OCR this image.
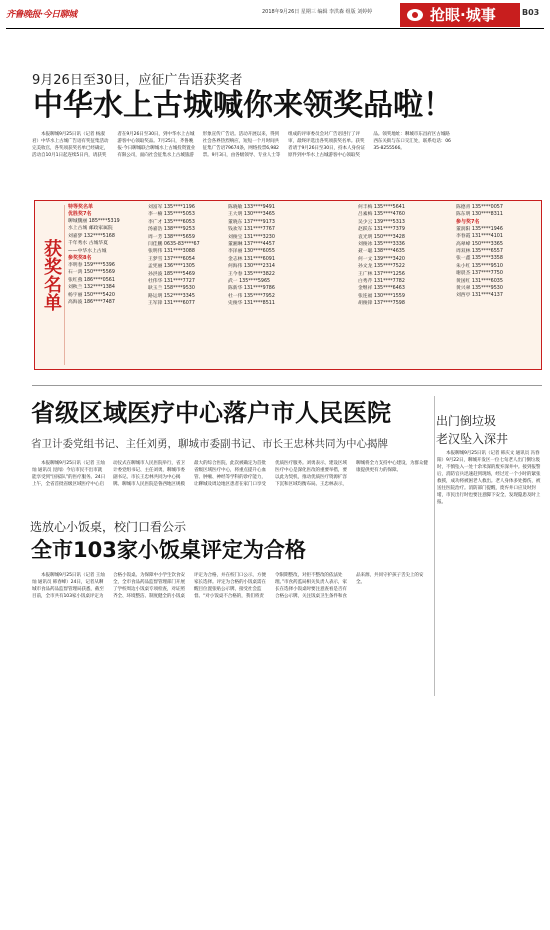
齐鲁晚报·今日聊城	2018年9月26日 星期三 编辑 李洪森 组版 刘婷婷	抢眼·城事	B03
9月26日至30日，应征广告语获奖者
中华水上古城喊你来领奖品啦！

本报聊城9月25日讯（记者 杨淑君）中华水上古城广告语有奖征集活动完美收官，各奖项获奖名单已经确定，活动自10月1日起连续5日内，请获奖者在9月26日至30日，到中华水上古城游客中心领取奖品。7月25日，齐鲁晚报·今日聊城联合聊城水上古城投资置业有限公司，面向社会征集水上古城旅游形象宣传广告语。活动开展以来，得到社会各界热烈响应，短短一个月时间共征集广告语79674条，网络投票6,982票。9月3日，由各级领导、专业人士等组成的评审委员会对广告语进行了评审，最终评选出各奖项获奖名单。获奖者请于9月26日至30日，持本人身份证原件到中华水上古城游客中心领取奖品。领奖地址：聊城市东昌府区古城路西东关街与东口交汇处，联系电话：0635-8255566。

获奖名单
特等奖名单
优胜奖7名
聊城魏丽 185****5319
水上古城 邮政家属院
刘嘉梦 132****5168
千年秀水 古城华夏
——中华水上古城
参奖奖8名
李明春 159****5396
石一鸿 150****5569
张红燕 186****0561
刘秋兰 132****1384
杨宇丽 150****5420
高海波 186****7487
刘富军 135****1196
李一楠 135****5053
李广才 135****6053
汤嘉浩 138****9253
周一芳 138****5659
闫佳鹏 0635-83****67
张明伟 131****3088
王梦雪 137****6054
孟宪丽 136****1305
孙洪波 185****5469
杜伟华 131****7727
耿玉兰 158****9530
路运明 152****3345
王军锋 131****6077
陈晓敏 133****9491
王大明 130****3465
董晓东 137****9173
钱欢军 131****7767
刘俊宝 131****3230
董湘琳 137****4457
李泽丽 130****6055
金志林 131****6091
何海伟 130****2314
王今春 135****3822
武一 135****5965
陈新华 131****9786
杜一伟 135****7952
史俊华 131****8511
何丰梅 135****5641
吕素梅 135****4760
吴少云 139****5313
赵跃东 131****7379
袁光明 150****3428
刘俊冰 135****3336
聂一聪 138****4635
何一文 139****3420
孙文龙 135****7522
王广林 137****1256
白秀芹 131****7782
金继祥 135****6463
张连福 130****1559
胡俊锋 137****7598
陈德青 135****0057
陈东明 130****8311
参与奖7名
董润阳 135****1946
李春霞 131****4101
高翠峰 150****3365
周双林 135****6557
张一鑫 135****3358
朱小红 135****9510
谢晨杰 137****7750
黄国红 131****6035
黄兴翠 135****9530
刘西亭 131****4137
省级区域医疗中心落户市人民医院
省卫计委党组书记、主任刘勇，聊城市委副书记、市长王忠林共同为中心揭牌

本报聊城9月25日讯（记者 王灿灿 通讯员 昆闻）今后市民不出市就能享受到“国家队”的医疗服务。24日上午，全省首批省级区域医疗中心启动仪式在聊城市人民医院举行，省卫计委党组书记、主任刘勇，聊城市委副书记、市长王忠林共同为中心揭牌。聊城市人民医院是鲁西地区规模最大的综合医院，此次被确定为首批省级区域医疗中心，将重点提升心血管、肿瘤、神经等学科的诊疗能力，让聊城及周边地区患者在家门口享受优质医疗服务。刘勇表示，建设区域医疗中心是深化医改的重要举措，要以此为契机，推动优质医疗资源扩容下沉和区域均衡布局。王忠林表示，聊城将全力支持中心建设，为群众健康提供更有力的保障。

选放心小饭桌，校门口看公示
全市103家小饭桌评定为合格

本报聊城9月25日讯（记者 王灿灿 通讯员 韩春峰）24日，记者从聊城市食品药品监督管理局获悉，截至目前，全市共有103家小饭桌评定为合格小饭桌。为保障中小学生饮食安全，全市食品药品监督管理部门开展了学校周边小饭桌专项检查，对证照齐全、环境整洁、制度健全的小饭桌评定为合格，并在校门口公示，方便家长选择。评定为合格的小饭桌需在醒目位置张贴公示牌，接受社会监督。“对小饭桌不合格的，我们将责令限期整改，对拒不整改的依法处理。”市食药监局相关负责人表示，家长在选择小饭桌时要注意查看是否有合格公示牌，关注饭桌卫生条件和食品来源，共同守护孩子舌尖上的安全。

出门倒垃圾
老汉坠入深井

本报聊城9月25日讯（记者 韩庆文 通讯员 冯春阳）9月22日，聊城开发区一位七旬老人出门倒垃圾时，不慎坠入一处十余米深的废弃深井中。接到报警后，消防官兵迅速赶到现场，经过近一个小时的紧张救援，成功将被困老人救出。老人身体多处擦伤，被送往医院治疗。消防部门提醒，废弃井口应及时封堵，市民出行时也要注意脚下安全，发现隐患及时上报。
